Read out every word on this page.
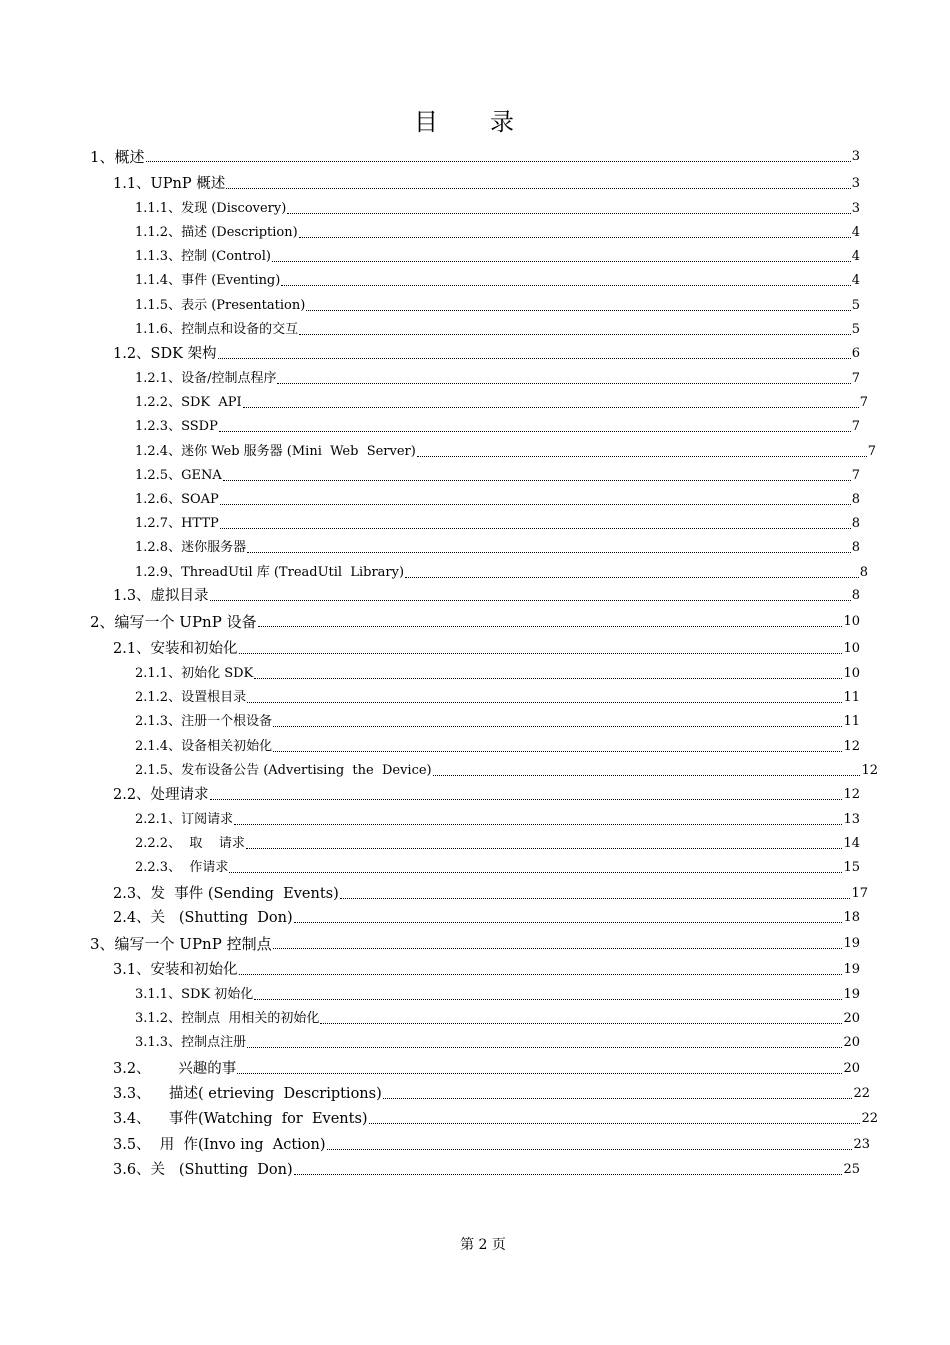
目录
1、概述	3
1.1、UPnP 概述	3
1.1.1、发现 (Discovery)	3
1.1.2、描述 (Description)	4
1.1.3、控制 (Control)	4
1.1.4、事件 (Eventing)	4
1.1.5、表示 (Presentation)	5
1.1.6、控制点和设备的交互	5
1.2、SDK 架构	6
1.2.1、设备/控制点程序	7
1.2.2、SDK  API	7
1.2.3、SSDP	7
1.2.4、迷你 Web 服务器 (Mini  Web  Server)	7
1.2.5、GENA	7
1.2.6、SOAP	8
1.2.7、HTTP	8
1.2.8、迷你服务器	8
1.2.9、ThreadUtil 库 (TreadUtil  Library)	8
1.3、虚拟目录	8
2、编写一个 UPnP 设备	10
2.1、安装和初始化	10
2.1.1、初始化 SDK	10
2.1.2、设置根目录	11
2.1.3、注册一个根设备	11
2.1.4、设备相关初始化	12
2.1.5、发布设备公告 (Advertising  the  Device)	12
2.2、处理请求	12
2.2.1、订阅请求	13
2.2.2、  取    请求	14
2.2.3、  作请求	15
2.3、发  事件 (Sending  Events)	17
2.4、关   (Shutting  Don)	18
3、编写一个 UPnP 控制点	19
3.1、安装和初始化	19
3.1.1、SDK 初始化	19
3.1.2、控制点  用相关的初始化	20
3.1.3、控制点注册	20
3.2、      兴趣的事	20
3.3、    描述( etrieving  Descriptions)	22
3.4、    事件(Watching  for  Events)	22
3.5、  用  作(Invo ing  Action)	23
3.6、关   (Shutting  Don)	25
第 2 页
